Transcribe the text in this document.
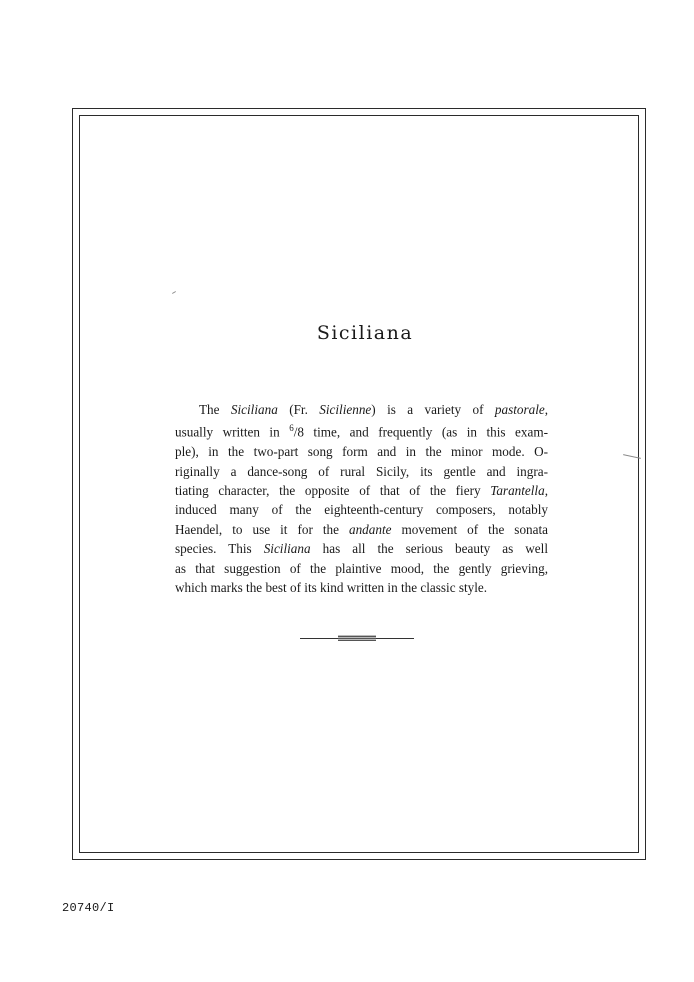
Siciliana
The Siciliana (Fr. Sicilienne) is a variety of pastorale,
usually written in $^6$/8 time, and frequently (as in this exam-
ple), in the two-part song form and in the minor mode. O-
riginally a dance-song of rural Sicily, its gentle and ingra-
tiating character, the opposite of that of the fiery Tarantella,
induced many of the eighteenth-century composers, notably
Haendel, to use it for the andante movement of the sonata
species. This Siciliana has all the serious beauty as well
as that suggestion of the plaintive mood, the gently grieving,
which marks the best of its kind written in the classic style.
20740/I
